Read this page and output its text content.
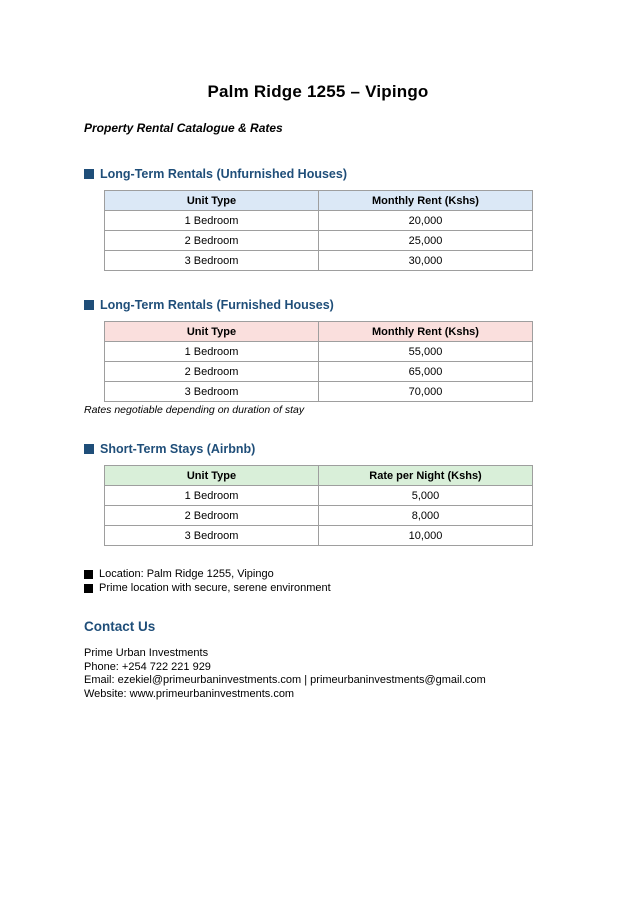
Palm Ridge 1255 – Vipingo
Property Rental Catalogue & Rates
Long-Term Rentals (Unfurnished Houses)
Unit Type	Monthly Rent (Kshs)
1 Bedroom	20,000
2 Bedroom	25,000
3 Bedroom	30,000
Long-Term Rentals (Furnished Houses)
Unit Type	Monthly Rent (Kshs)
1 Bedroom	55,000
2 Bedroom	65,000
3 Bedroom	70,000
Rates negotiable depending on duration of stay
Short-Term Stays (Airbnb)
Unit Type	Rate per Night (Kshs)
1 Bedroom	5,000
2 Bedroom	8,000
3 Bedroom	10,000
Location: Palm Ridge 1255, Vipingo
Prime location with secure, serene environment
Contact Us
Prime Urban Investments
Phone: +254 722 221 929
Email: ezekiel@primeurbaninvestments.com | primeurbaninvestments@gmail.com
Website: www.primeurbaninvestments.com
